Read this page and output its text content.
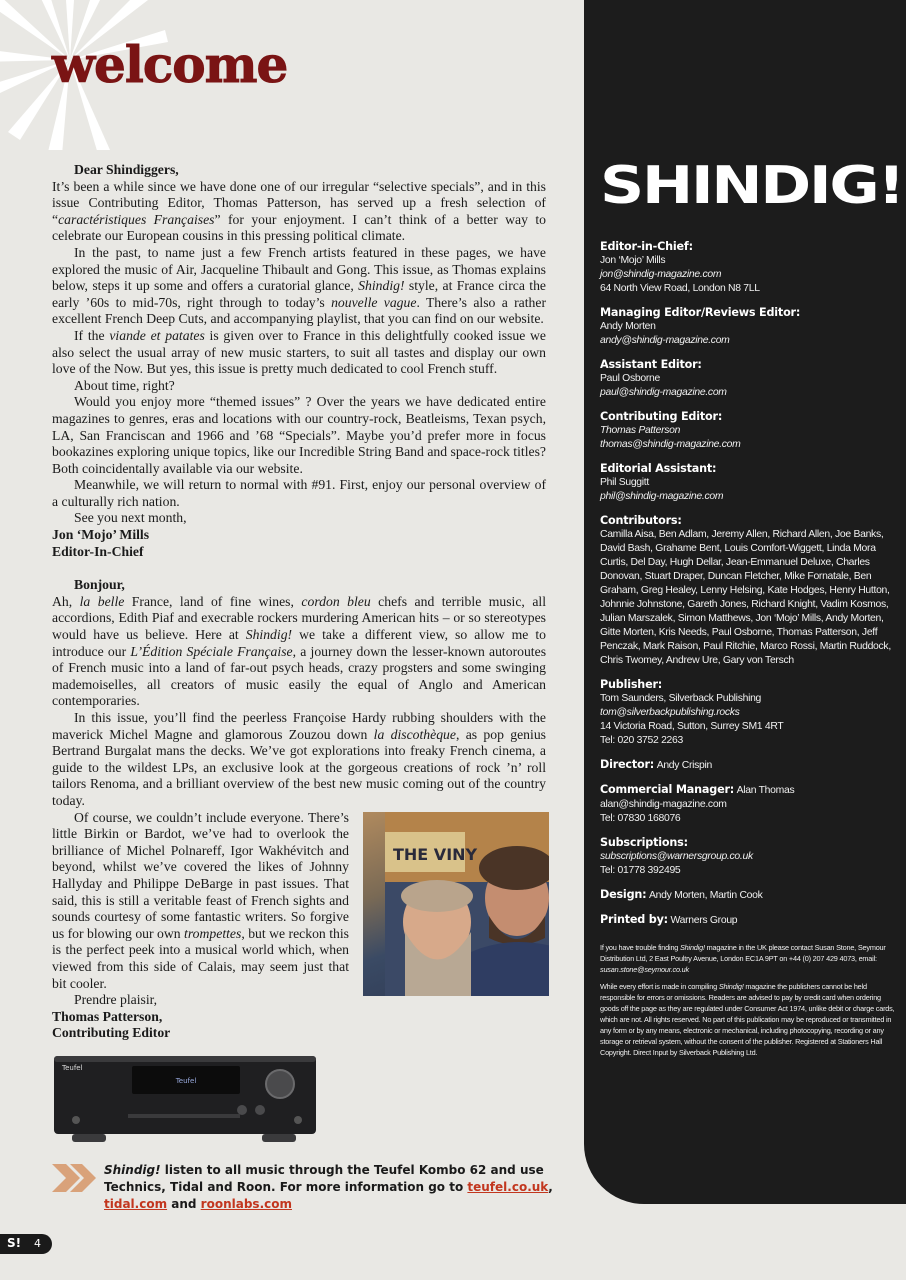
welcome

Dear Shindiggers,

It’s been a while since we have done one of our irregular “selective specials”, and in this issue Contributing Editor, Thomas Patterson, has served up a fresh selection of “caractéristiques Françaises” for your enjoyment. I can’t think of a better way to celebrate our European cousins in this pressing political climate.

In the past, to name just a few French artists featured in these pages, we have explored the music of Air, Jacqueline Thibault and Gong. This issue, as Thomas explains below, steps it up some and offers a curatorial glance, Shindig! style, at France circa the early ’60s to mid-70s, right through to today’s nouvelle vague. There’s also a rather excellent French Deep Cuts, and accompanying playlist, that you can find on our website.

If the viande et patates is given over to France in this delightfully cooked issue we also select the usual array of new music starters, to suit all tastes and display our own love of the Now. But yes, this issue is pretty much dedicated to cool French stuff.

About time, right?

Would you enjoy more “themed issues” ? Over the years we have dedicated entire magazines to genres, eras and locations with our country-rock, Beatleisms, Texan psych, LA, San Franciscan and 1966 and ’68 “Specials”. Maybe you’d prefer more in focus bookazines exploring unique topics, like our Incredible String Band and space-rock titles? Both coincidentally available via our website.

Meanwhile, we will return to normal with #91. First, enjoy our personal overview of a culturally rich nation.

See you next month,

Jon ‘Mojo’ Mills

Editor-In-Chief

Bonjour,

Ah, la belle France, land of fine wines, cordon bleu chefs and terrible music, all accordions, Edith Piaf and execrable rockers murdering American hits – or so stereotypes would have us believe. Here at Shindig! we take a different view, so allow me to introduce our L’Édition Spéciale Française, a journey down the lesser-known autoroutes of French music into a land of far-out psych heads, crazy progsters and some swinging mademoiselles, all creators of music easily the equal of Anglo and American contemporaries.

In this issue, you’ll find the peerless Françoise Hardy rubbing shoulders with the maverick Michel Magne and glamorous Zouzou down la discothèque, as pop genius Bertrand Burgalat mans the decks. We’ve got explorations into freaky French cinema, a guide to the wildest LPs, an exclusive look at the gorgeous creations of rock ’n’ roll tailors Renoma, and a brilliant overview of the best new music coming out of the country today.

THE VINY
Of course, we couldn’t include everyone. There’s little Birkin or Bardot, we’ve had to overlook the brilliance of Michel Polnareff, Igor Wakhévitch and beyond, whilst we’ve covered the likes of Johnny Hallyday and Philippe DeBarge in past issues. That said, this is still a veritable feast of French sights and sounds courtesy of some fantastic writers. So forgive us for blowing our own trompettes, but we reckon this is the perfect peek into a musical world which, when viewed from this side of Calais, may seem just that bit cooler.

Prendre plaisir,

Thomas Patterson,

Contributing Editor

Teufel
Teufel
Shindig! listen to all music through the Teufel Kombo 62 and use Technics, Tidal and Roon. For more information go to teufel.co.uk, tidal.com and roonlabs.com
S! 4
SHINDIG!
Editor-in-Chief:
Jon ‘Mojo’ Mills
jon@shindig-magazine.com
64 North View Road, London N8 7LL
Managing Editor/Reviews Editor:
Andy Morten
andy@shindig-magazine.com
Assistant Editor:
Paul Osborne
paul@shindig-magazine.com
Contributing Editor:
Thomas Patterson
thomas@shindig-magazine.com
Editorial Assistant:
Phil Suggitt
phil@shindig-magazine.com
Contributors:
Camilla Aisa, Ben Adlam, Jeremy Allen, Richard Allen, Joe Banks, David Bash, Grahame Bent, Louis Comfort-Wiggett, Linda Mora Curtis, Del Day, Hugh Dellar, Jean-Emmanuel Deluxe, Charles Donovan, Stuart Draper, Duncan Fletcher, Mike Fornatale, Ben Graham, Greg Healey, Lenny Helsing, Kate Hodges, Henry Hutton, Johnnie Johnstone, Gareth Jones, Richard Knight, Vadim Kosmos, Julian Marszalek, Simon Matthews, Jon ‘Mojo’ Mills, Andy Morten, Gitte Morten, Kris Needs, Paul Osborne, Thomas Patterson, Jeff Penczak, Mark Raison, Paul Ritchie, Marco Rossi, Martin Ruddock, Chris Twomey, Andrew Ure, Gary von Tersch
Publisher:
Tom Saunders, Silverback Publishing
tom@silverbackpublishing.rocks
14 Victoria Road, Sutton, Surrey SM1 4RT
Tel: 020 3752 2263
Director: Andy Crispin
Commercial Manager: Alan Thomas
alan@shindig-magazine.com
Tel: 07830 168076
Subscriptions:
subscriptions@warnersgroup.co.uk
Tel: 01778 392495
Design: Andy Morten, Martin Cook
Printed by: Warners Group

If you have trouble finding Shindig! magazine in the UK please contact Susan Stone, Seymour Distribution Ltd, 2 East Poultry Avenue, London EC1A 9PT on +44 (0) 207 429 4073, email: susan.stone@seymour.co.uk

While every effort is made in compiling Shindig! magazine the publishers cannot be held responsible for errors or omissions. Readers are advised to pay by credit card when ordering goods off the page as they are regulated under Consumer Act 1974, unlike debit or charge cards, which are not. All rights reserved. No part of this publication may be reproduced or transmitted in any form or by any means, electronic or mechanical, including photocopying, recording or any storage or retrieval system, without the consent of the publisher. Registered at Stationers Hall Copyright. Direct Input by Silverback Publishing Ltd.
